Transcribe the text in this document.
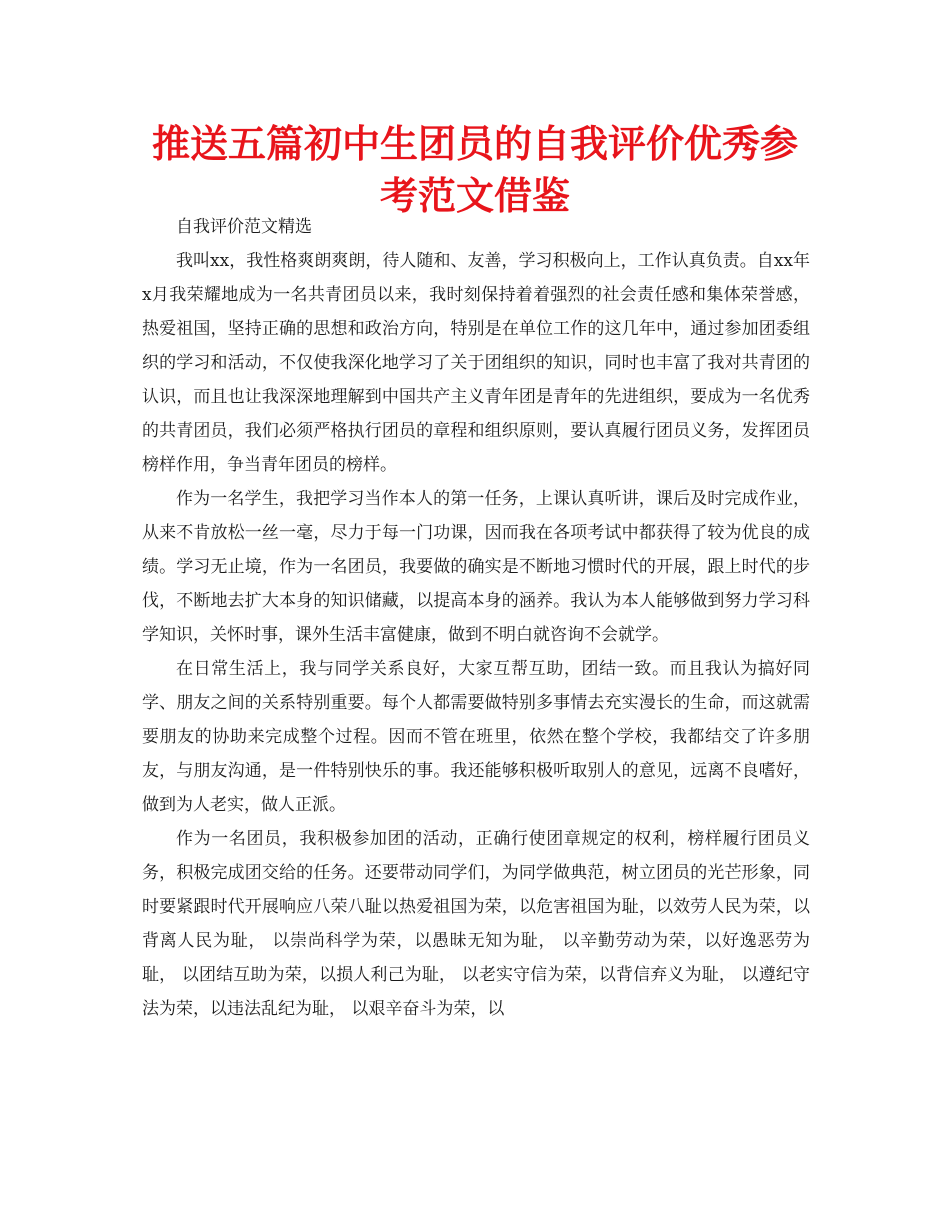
推送五篇初中生团员的自我评价优秀参考范文借鉴

自我评价范文精选

我叫xx，我性格爽朗爽朗，待人随和、友善，学习积极向上，工作认真负责。自xx年x月我荣耀地成为一名共青团员以来，我时刻保持着着强烈的社会责任感和集体荣誉感，热爱祖国，坚持正确的思想和政治方向，特别是在单位工作的这几年中，通过参加团委组织的学习和活动，不仅使我深化地学习了关于团组织的知识，同时也丰富了我对共青团的认识，而且也让我深深地理解到中国共产主义青年团是青年的先进组织，要成为一名优秀的共青团员，我们必须严格执行团员的章程和组织原则，要认真履行团员义务，发挥团员榜样作用，争当青年团员的榜样。

作为一名学生，我把学习当作本人的第一任务，上课认真听讲，课后及时完成作业，从来不肯放松一丝一毫，尽力于每一门功课，因而我在各项考试中都获得了较为优良的成绩。学习无止境，作为一名团员，我要做的确实是不断地习惯时代的开展，跟上时代的步伐，不断地去扩大本身的知识储藏，以提高本身的涵养。我认为本人能够做到努力学习科学知识，关怀时事，课外生活丰富健康，做到不明白就咨询不会就学。

在日常生活上，我与同学关系良好，大家互帮互助，团结一致。而且我认为搞好同学、朋友之间的关系特别重要。每个人都需要做特别多事情去充实漫长的生命，而这就需要朋友的协助来完成整个过程。因而不管在班里，依然在整个学校，我都结交了许多朋友，与朋友沟通，是一件特别快乐的事。我还能够积极听取别人的意见，远离不良嗜好，做到为人老实，做人正派。

作为一名团员，我积极参加团的活动，正确行使团章规定的权利，榜样履行团员义务，积极完成团交给的任务。还要带动同学们，为同学做典范，树立团员的光芒形象，同时要紧跟时代开展响应八荣八耻以热爱祖国为荣，以危害祖国为耻，以效劳人民为荣，以背离人民为耻， 以崇尚科学为荣，以愚昧无知为耻， 以辛勤劳动为荣，以好逸恶劳为耻， 以团结互助为荣，以损人利己为耻， 以老实守信为荣，以背信弃义为耻， 以遵纪守法为荣，以违法乱纪为耻， 以艰辛奋斗为荣，以
